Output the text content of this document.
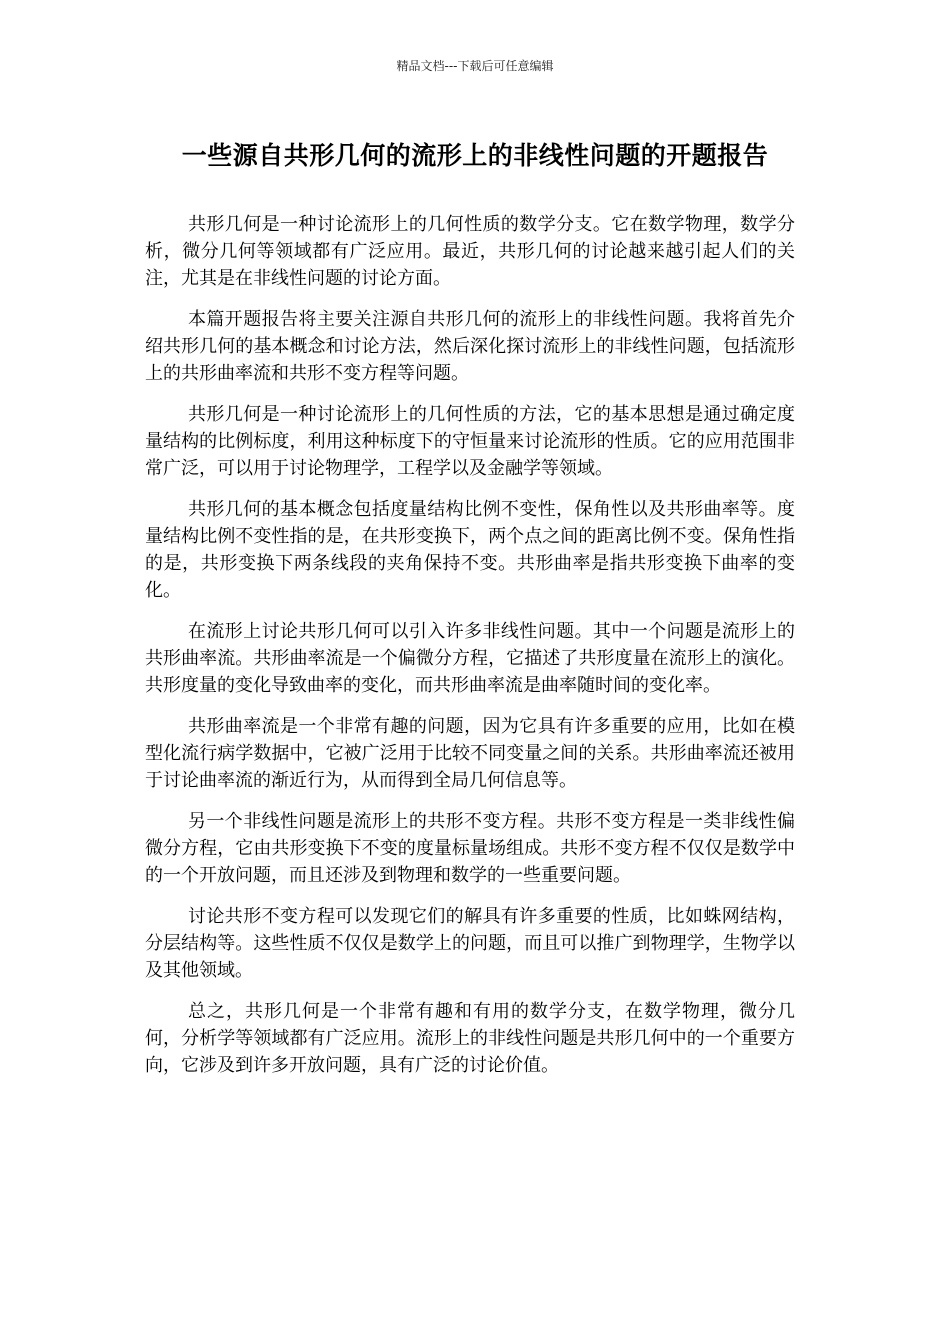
精品文档---下载后可任意编辑
一些源自共形几何的流形上的非线性问题的开题报告

共形几何是一种讨论流形上的几何性质的数学分支。它在数学物理，数学分析，微分几何等领域都有广泛应用。最近，共形几何的讨论越来越引起人们的关注，尤其是在非线性问题的讨论方面。

本篇开题报告将主要关注源自共形几何的流形上的非线性问题。我将首先介绍共形几何的基本概念和讨论方法，然后深化探讨流形上的非线性问题，包括流形上的共形曲率流和共形不变方程等问题。

共形几何是一种讨论流形上的几何性质的方法，它的基本思想是通过确定度量结构的比例标度，利用这种标度下的守恒量来讨论流形的性质。它的应用范围非常广泛，可以用于讨论物理学，工程学以及金融学等领域。

共形几何的基本概念包括度量结构比例不变性，保角性以及共形曲率等。度量结构比例不变性指的是，在共形变换下，两个点之间的距离比例不变。保角性指的是，共形变换下两条线段的夹角保持不变。共形曲率是指共形变换下曲率的变化。

在流形上讨论共形几何可以引入许多非线性问题。其中一个问题是流形上的共形曲率流。共形曲率流是一个偏微分方程，它描述了共形度量在流形上的演化。共形度量的变化导致曲率的变化，而共形曲率流是曲率随时间的变化率。

共形曲率流是一个非常有趣的问题，因为它具有许多重要的应用，比如在模型化流行病学数据中，它被广泛用于比较不同变量之间的关系。共形曲率流还被用于讨论曲率流的渐近行为，从而得到全局几何信息等。

另一个非线性问题是流形上的共形不变方程。共形不变方程是一类非线性偏微分方程，它由共形变换下不变的度量标量场组成。共形不变方程不仅仅是数学中的一个开放问题，而且还涉及到物理和数学的一些重要问题。

讨论共形不变方程可以发现它们的解具有许多重要的性质，比如蛛网结构，分层结构等。这些性质不仅仅是数学上的问题，而且可以推广到物理学，生物学以及其他领域。

总之，共形几何是一个非常有趣和有用的数学分支，在数学物理，微分几何，分析学等领域都有广泛应用。流形上的非线性问题是共形几何中的一个重要方向，它涉及到许多开放问题，具有广泛的讨论价值。
